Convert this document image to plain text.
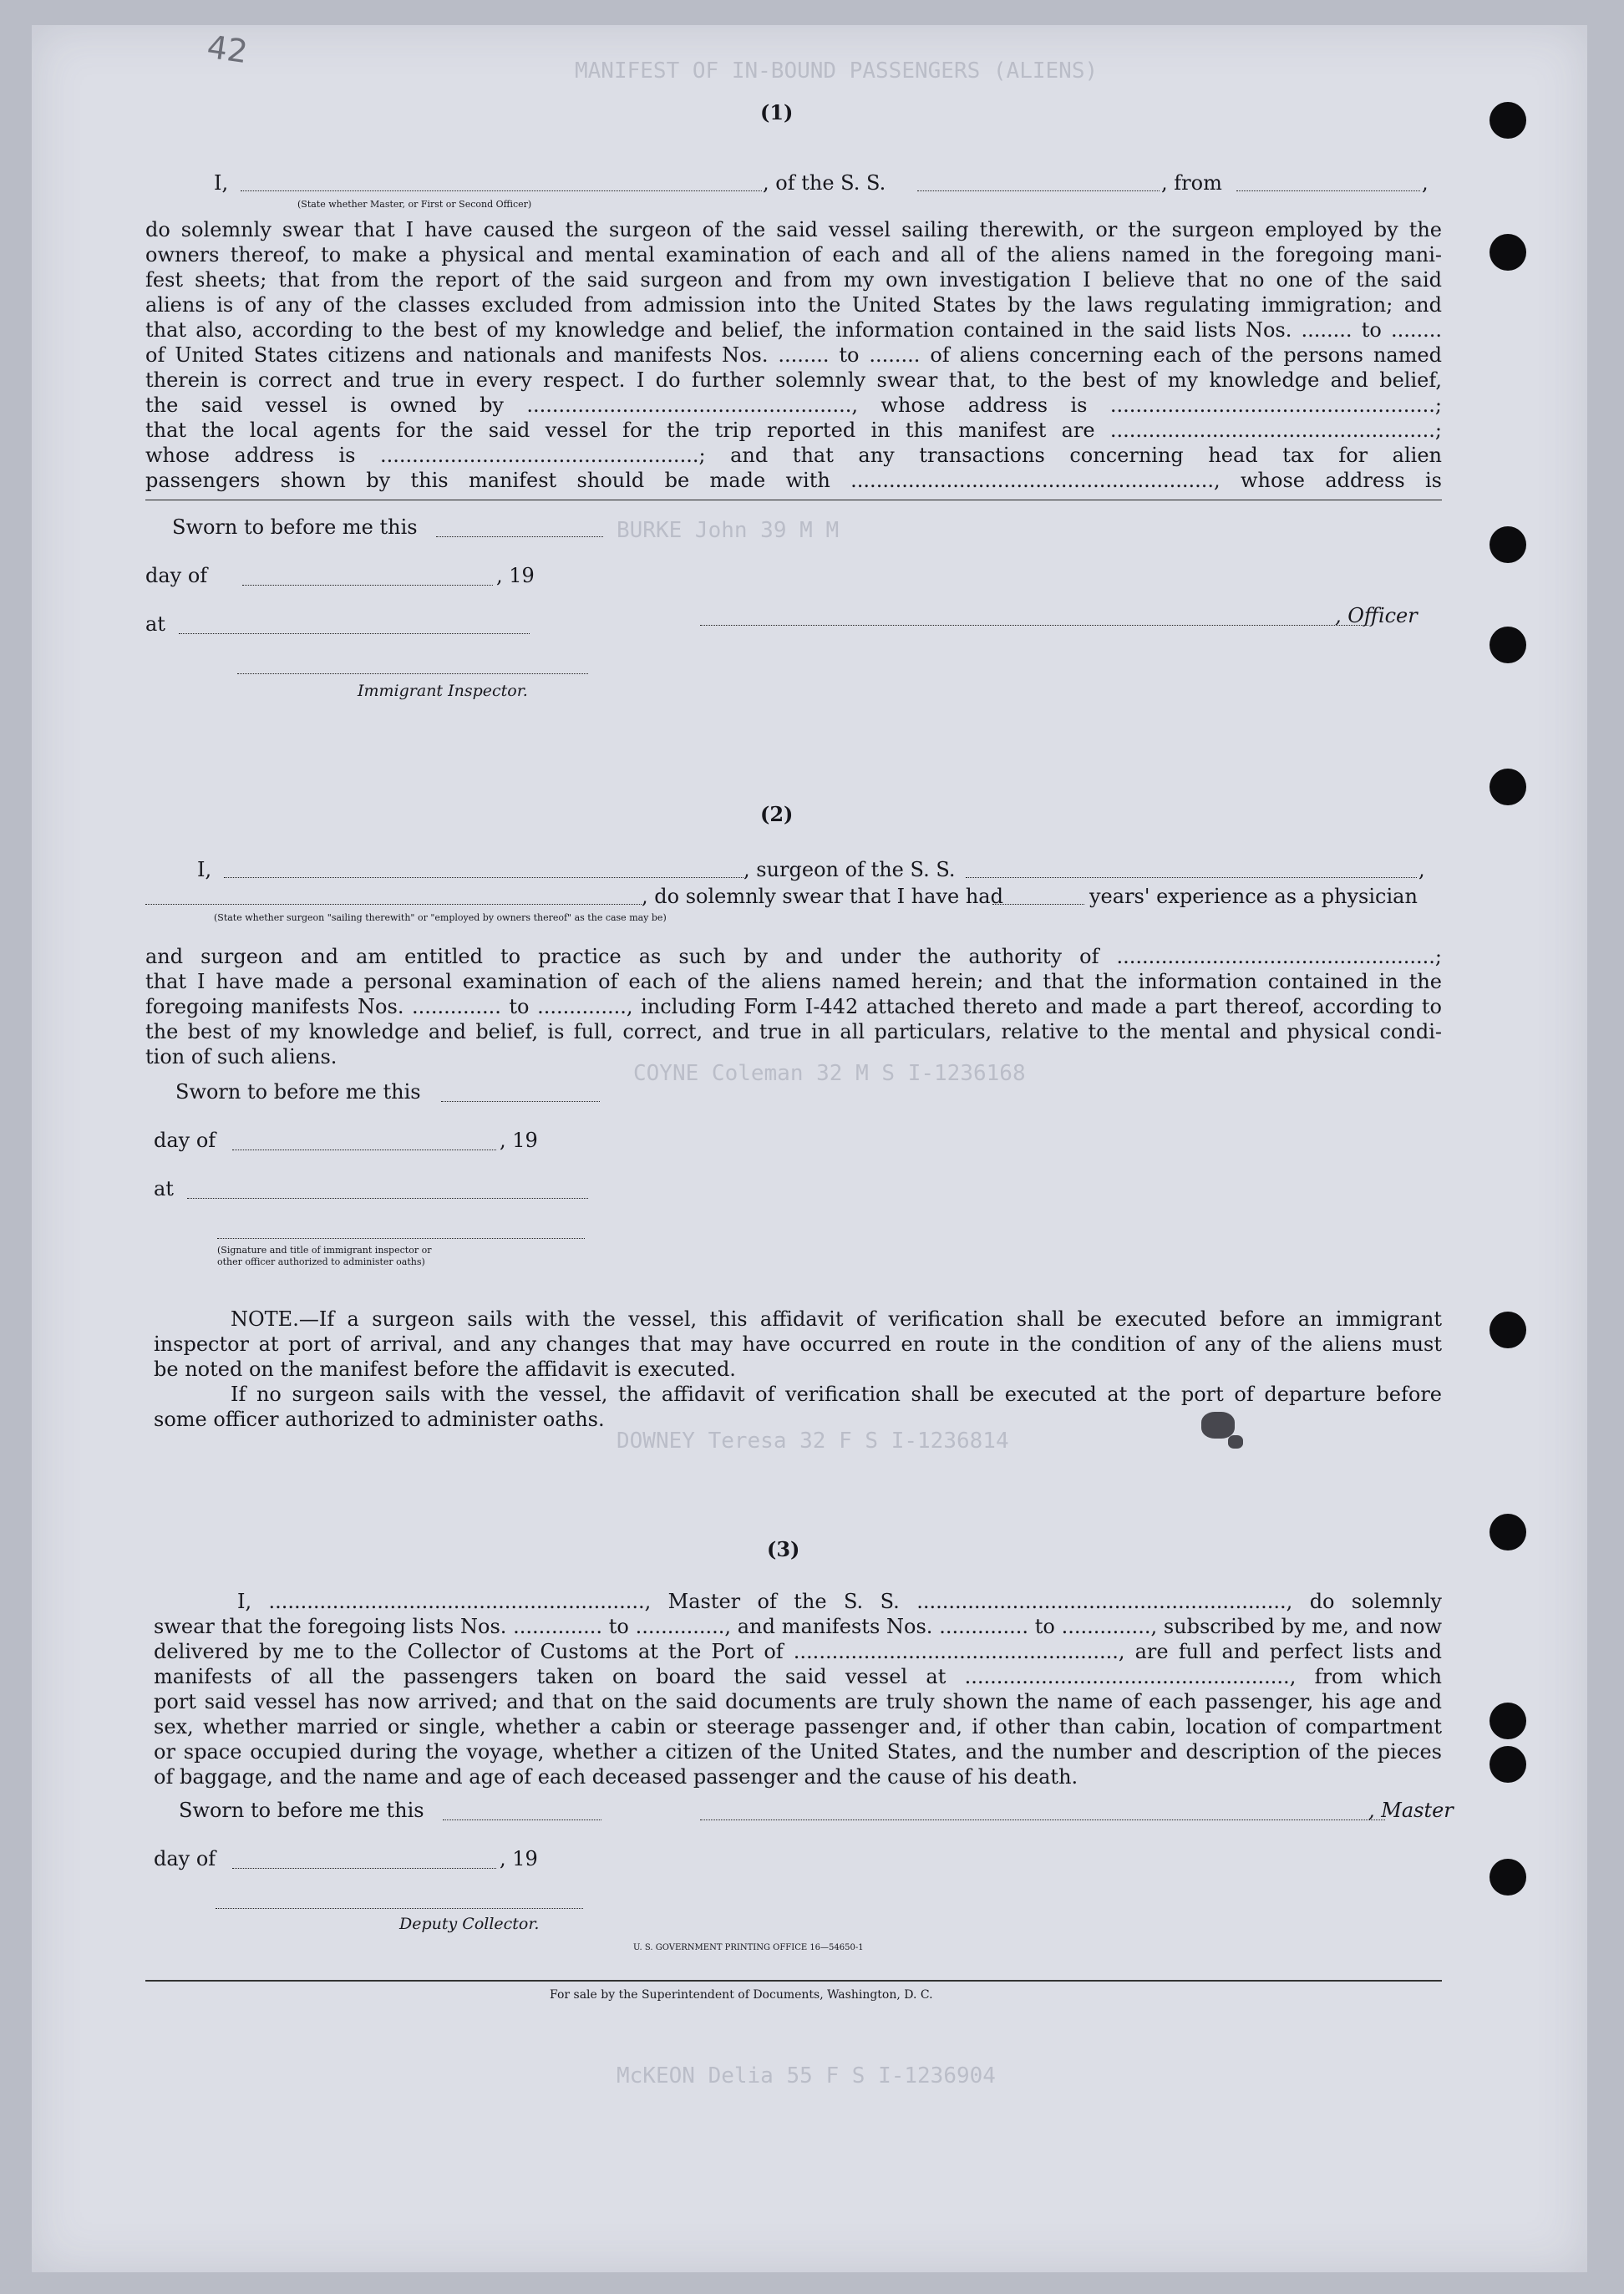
MANIFEST OF IN-BOUND PASSENGERS (ALIENS)
BURKE John 39 M M
COYNE Coleman 32 M S I-1236168
DOWNEY Teresa 32 F S I-1236814
McKEON Delia 55 F S I-1236904
42
(1)
I,	, of the S. S.	, from	,
(State whether Master, or First or Second Officer)
do solemnly swear that I have caused the surgeon of the said vessel sailing therewith, or the surgeon employed by the
owners thereof, to make a physical and mental examination of each and all of the aliens named in the foregoing mani-
fest sheets; that from the report of the said surgeon and from my own investigation I believe that no one of the said
aliens is of any of the classes excluded from admission into the United States by the laws regulating immigration; and
that also, according to the best of my knowledge and belief, the information contained in the said lists Nos. ........ to ........
of United States citizens and nationals and manifests Nos. ........ to ........ of aliens concerning each of the persons named
therein is correct and true in every respect. I do further solemnly swear that, to the best of my knowledge and belief,
the said vessel is owned by ..................................................., whose address is ...................................................;
that the local agents for the said vessel for the trip reported in this manifest are ...................................................;
whose address is ..................................................; and that any transactions concerning head tax for alien
passengers shown by this manifest should be made with ........................................................., whose address is
Sworn to before me this
day of	, 19
, Officer
at
Immigrant Inspector.
(2)
I,	, surgeon of the S. S.	,
, do solemnly swear that I have had	years' experience as a physician
(State whether surgeon "sailing therewith" or "employed by owners thereof" as the case may be)
and surgeon and am entitled to practice as such by and under the authority of ..................................................;
that I have made a personal examination of each of the aliens named herein; and that the information contained in the
foregoing manifests Nos. .............. to .............., including Form I-442 attached thereto and made a part thereof, according to
the best of my knowledge and belief, is full, correct, and true in all particulars, relative to the mental and physical condi-
tion of such aliens.
Sworn to before me this
day of	, 19
at
(Signature and title of immigrant inspector or
other officer authorized to administer oaths)
NOTE.—If a surgeon sails with the vessel, this affidavit of verification shall be executed before an immigrant
inspector at port of arrival, and any changes that may have occurred en route in the condition of any of the aliens must
be noted on the manifest before the affidavit is executed.
If no surgeon sails with the vessel, the affidavit of verification shall be executed at the port of departure before
some officer authorized to administer oaths.
(3)
I, ..........................................................., Master of the S. S. .........................................................., do solemnly
swear that the foregoing lists Nos. .............. to .............., and manifests Nos. .............. to .............., subscribed by me, and now
delivered by me to the Collector of Customs at the Port of ..................................................., are full and perfect lists and
manifests of all the passengers taken on board the said vessel at ..................................................., from which
port said vessel has now arrived; and that on the said documents are truly shown the name of each passenger, his age and
sex, whether married or single, whether a cabin or steerage passenger and, if other than cabin, location of compartment
or space occupied during the voyage, whether a citizen of the United States, and the number and description of the pieces
of baggage, and the name and age of each deceased passenger and the cause of his death.
Sworn to before me this	, Master
day of	, 19
Deputy Collector.
U. S. GOVERNMENT PRINTING OFFICE 16—54650-1
For sale by the Superintendent of Documents, Washington, D. C.
